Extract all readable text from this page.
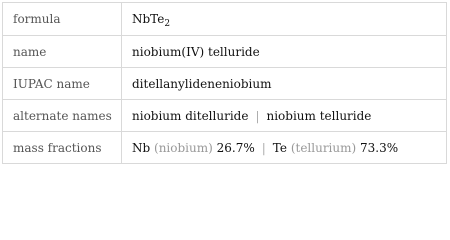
formula	NbTe$_2$
name	niobium(IV) telluride
IUPAC name	ditellanylideneniobium
alternate names	niobium ditelluride | niobium telluride
mass fractions	Nb (niobium) 26.7% | Te (tellurium) 73.3%
